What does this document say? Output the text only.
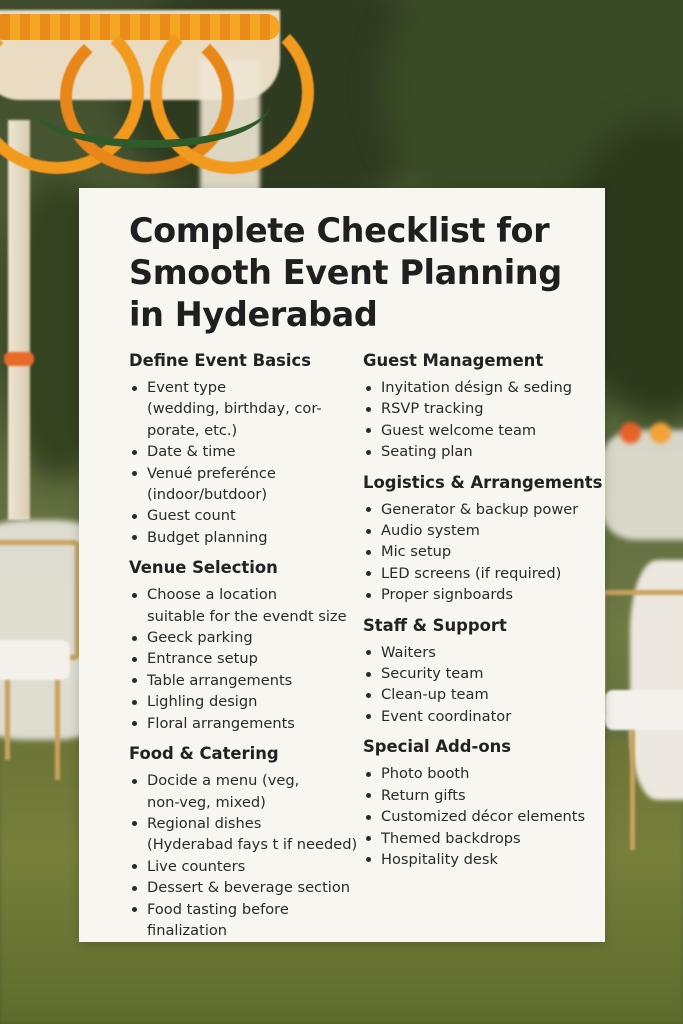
Complete Checklist for
Smooth Event Planning
in Hyderabad
Define Event Basics
Event type
(wedding, birthday, cor-
porate, etc.)
Date & time
Venué preferénce
(indoor/butdoor)
Guest count
Budget planning
Venue Selection
Choose a location
suitable for the evendt size
Geeck parking
Entrance setup
Table arrangements
Lighling design
Floral arrangements
Food & Catering
Docide a menu (veg,
non-veg, mixed)
Regional dishes
(Hyderabad fays t if needed)
Live counters
Dessert & beverage section
Food tasting before finalization
Guest Management
Inyitation désign & seding
RSVP tracking
Guest welcome team
Seating plan
Logistics & Arrangements
Generator & backup power
Audio system
Mic setup
LED screens (if required)
Proper signboards
Staff & Support
Waiters
Security team
Clean-up team
Event coordinator
Special Add-ons
Photo booth
Return gifts
Customized décor elements
Themed backdrops
Hospitality desk
